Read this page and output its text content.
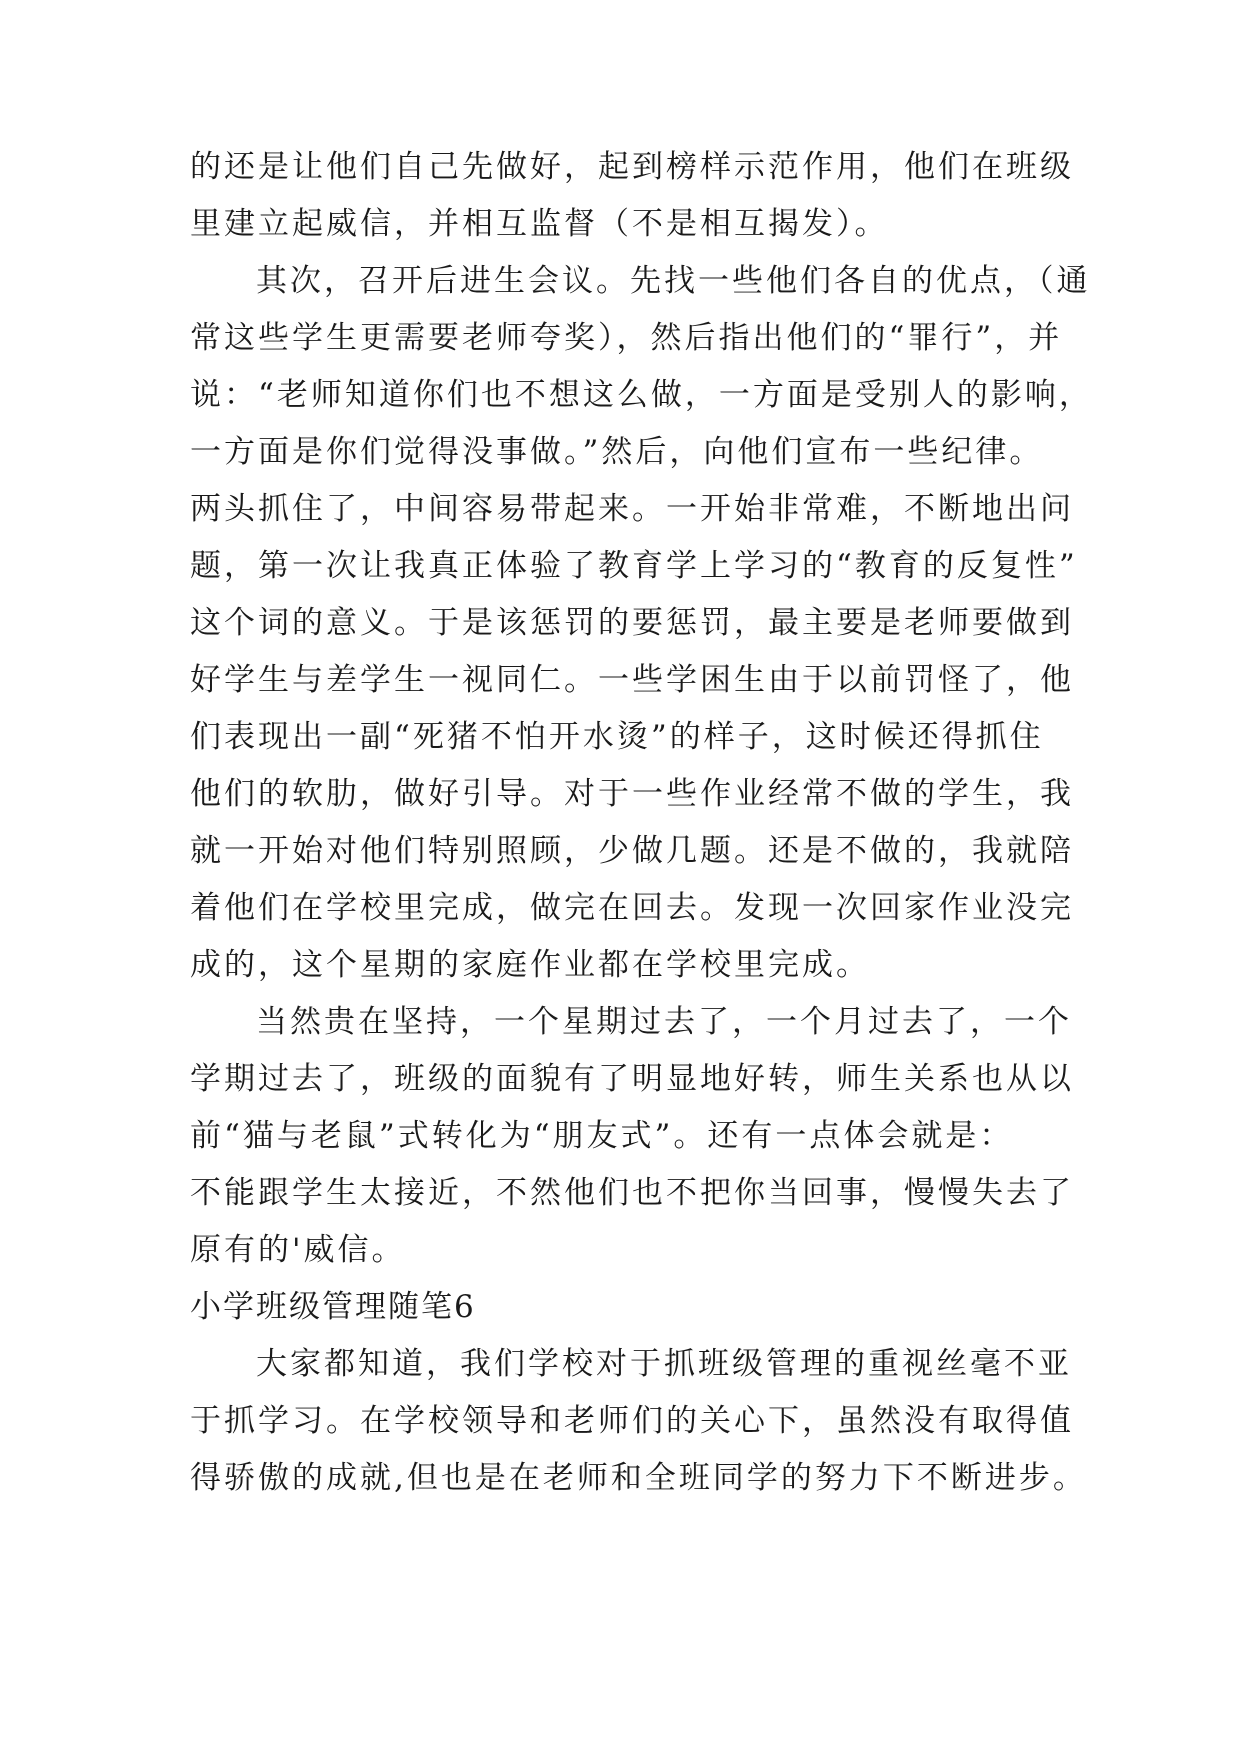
的还是让他们自己先做好，起到榜样示范作用，他们在班级
里建立起威信，并相互监督（不是相互揭发）。
其次，召开后进生会议。先找一些他们各自的优点，（通
常这些学生更需要老师夸奖），然后指出他们的“罪行”，并
说：“老师知道你们也不想这么做，一方面是受别人的影响，
一方面是你们觉得没事做。”然后，向他们宣布一些纪律。
两头抓住了，中间容易带起来。一开始非常难，不断地出问
题，第一次让我真正体验了教育学上学习的“教育的反复性”
这个词的意义。于是该惩罚的要惩罚，最主要是老师要做到
好学生与差学生一视同仁。一些学困生由于以前罚怪了，他
们表现出一副“死猪不怕开水烫”的样子，这时候还得抓住
他们的软肋，做好引导。对于一些作业经常不做的学生，我
就一开始对他们特别照顾，少做几题。还是不做的，我就陪
着他们在学校里完成，做完在回去。发现一次回家作业没完
成的，这个星期的家庭作业都在学校里完成。
当然贵在坚持，一个星期过去了，一个月过去了，一个
学期过去了，班级的面貌有了明显地好转，师生关系也从以
前“猫与老鼠”式转化为“朋友式”。还有一点体会就是：
不能跟学生太接近，不然他们也不把你当回事，慢慢失去了
原有的'威信。
小学班级管理随笔6
大家都知道，我们学校对于抓班级管理的重视丝毫不亚
于抓学习。在学校领导和老师们的关心下，虽然没有取得值
得骄傲的成就,但也是在老师和全班同学的努力下不断进步。
